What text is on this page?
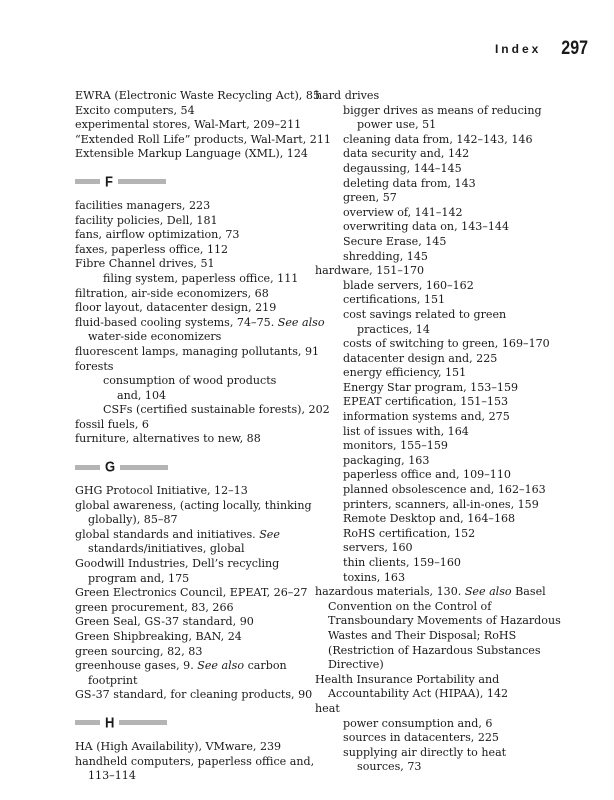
Index 297
EWRA (Electronic Waste Recycling Act), 85
Excito computers, 54
experimental stores, Wal-Mart, 209–211
“Extended Roll Life” products, Wal-Mart, 211
Extensible Markup Language (XML), 124
F
facilities managers, 223
facility policies, Dell, 181
fans, airflow optimization, 73
faxes, paperless office, 112
Fibre Channel drives, 51
filing system, paperless office, 111
filtration, air-side economizers, 68
floor layout, datacenter design, 219
fluid-based cooling systems, 74–75. See also
water-side economizers
fluorescent lamps, managing pollutants, 91
forests
consumption of wood products
and, 104
CSFs (certified sustainable forests), 202
fossil fuels, 6
furniture, alternatives to new, 88
G
GHG Protocol Initiative, 12–13
global awareness, (acting locally, thinking
globally), 85–87
global standards and initiatives. See
standards/initiatives, global
Goodwill Industries, Dell’s recycling
program and, 175
Green Electronics Council, EPEAT, 26–27
green procurement, 83, 266
Green Seal, GS-37 standard, 90
Green Shipbreaking, BAN, 24
green sourcing, 82, 83
greenhouse gases, 9. See also carbon
footprint
GS-37 standard, for cleaning products, 90
H
HA (High Availability), VMware, 239
handheld computers, paperless office and,
113–114
hard drives
bigger drives as means of reducing
power use, 51
cleaning data from, 142–143, 146
data security and, 142
degaussing, 144–145
deleting data from, 143
green, 57
overview of, 141–142
overwriting data on, 143–144
Secure Erase, 145
shredding, 145
hardware, 151–170
blade servers, 160–162
certifications, 151
cost savings related to green
practices, 14
costs of switching to green, 169–170
datacenter design and, 225
energy efficiency, 151
Energy Star program, 153–159
EPEAT certification, 151–153
information systems and, 275
list of issues with, 164
monitors, 155–159
packaging, 163
paperless office and, 109–110
planned obsolescence and, 162–163
printers, scanners, all-in-ones, 159
Remote Desktop and, 164–168
RoHS certification, 152
servers, 160
thin clients, 159–160
toxins, 163
hazardous materials, 130. See also Basel
Convention on the Control of
Transboundary Movements of Hazardous
Wastes and Their Disposal; RoHS
(Restriction of Hazardous Substances
Directive)
Health Insurance Portability and
Accountability Act (HIPAA), 142
heat
power consumption and, 6
sources in datacenters, 225
supplying air directly to heat
sources, 73
